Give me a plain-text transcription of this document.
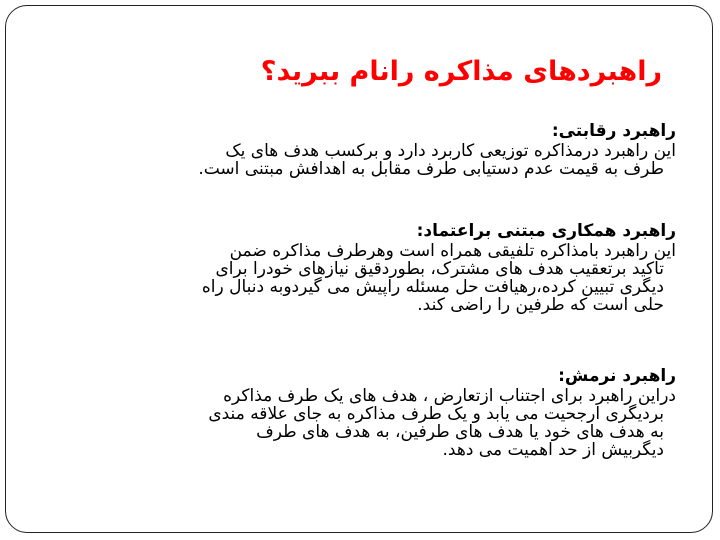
راهبردهای مذاکره رانام ببرید؟
راهبرد رقابتی:
این راهبرد درمذاکره توزیعی کاربرد دارد و برکسب هدف های یک
طرف به قیمت عدم دستیابی طرف مقابل به اهدافش مبتنی است.
راهبرد همکاری مبتنی براعتماد:
این راهبرد بامذاکره تلفیقی همراه است وهرطرف مذاکره ضمن
تاکید برتعقیب هدف های مشترک، بطوردقیق نیازهای خودرا برای
دیگری تبیین کرده،رهیافت حل مسئله راپیش می گیردوبه دنبال راه
حلی است که طرفین را راضی کند.
راهبرد نرمش:
دراین راهبرد برای اجتناب ازتعارض ، هدف های یک طرف مذاکره
بردیگری ارجحیت می یابد و یک طرف مذاکره به جای علاقه مندی
به هدف های خود یا هدف های طرفین، به هدف های طرف
دیگربیش از حد اهمیت می دهد.
